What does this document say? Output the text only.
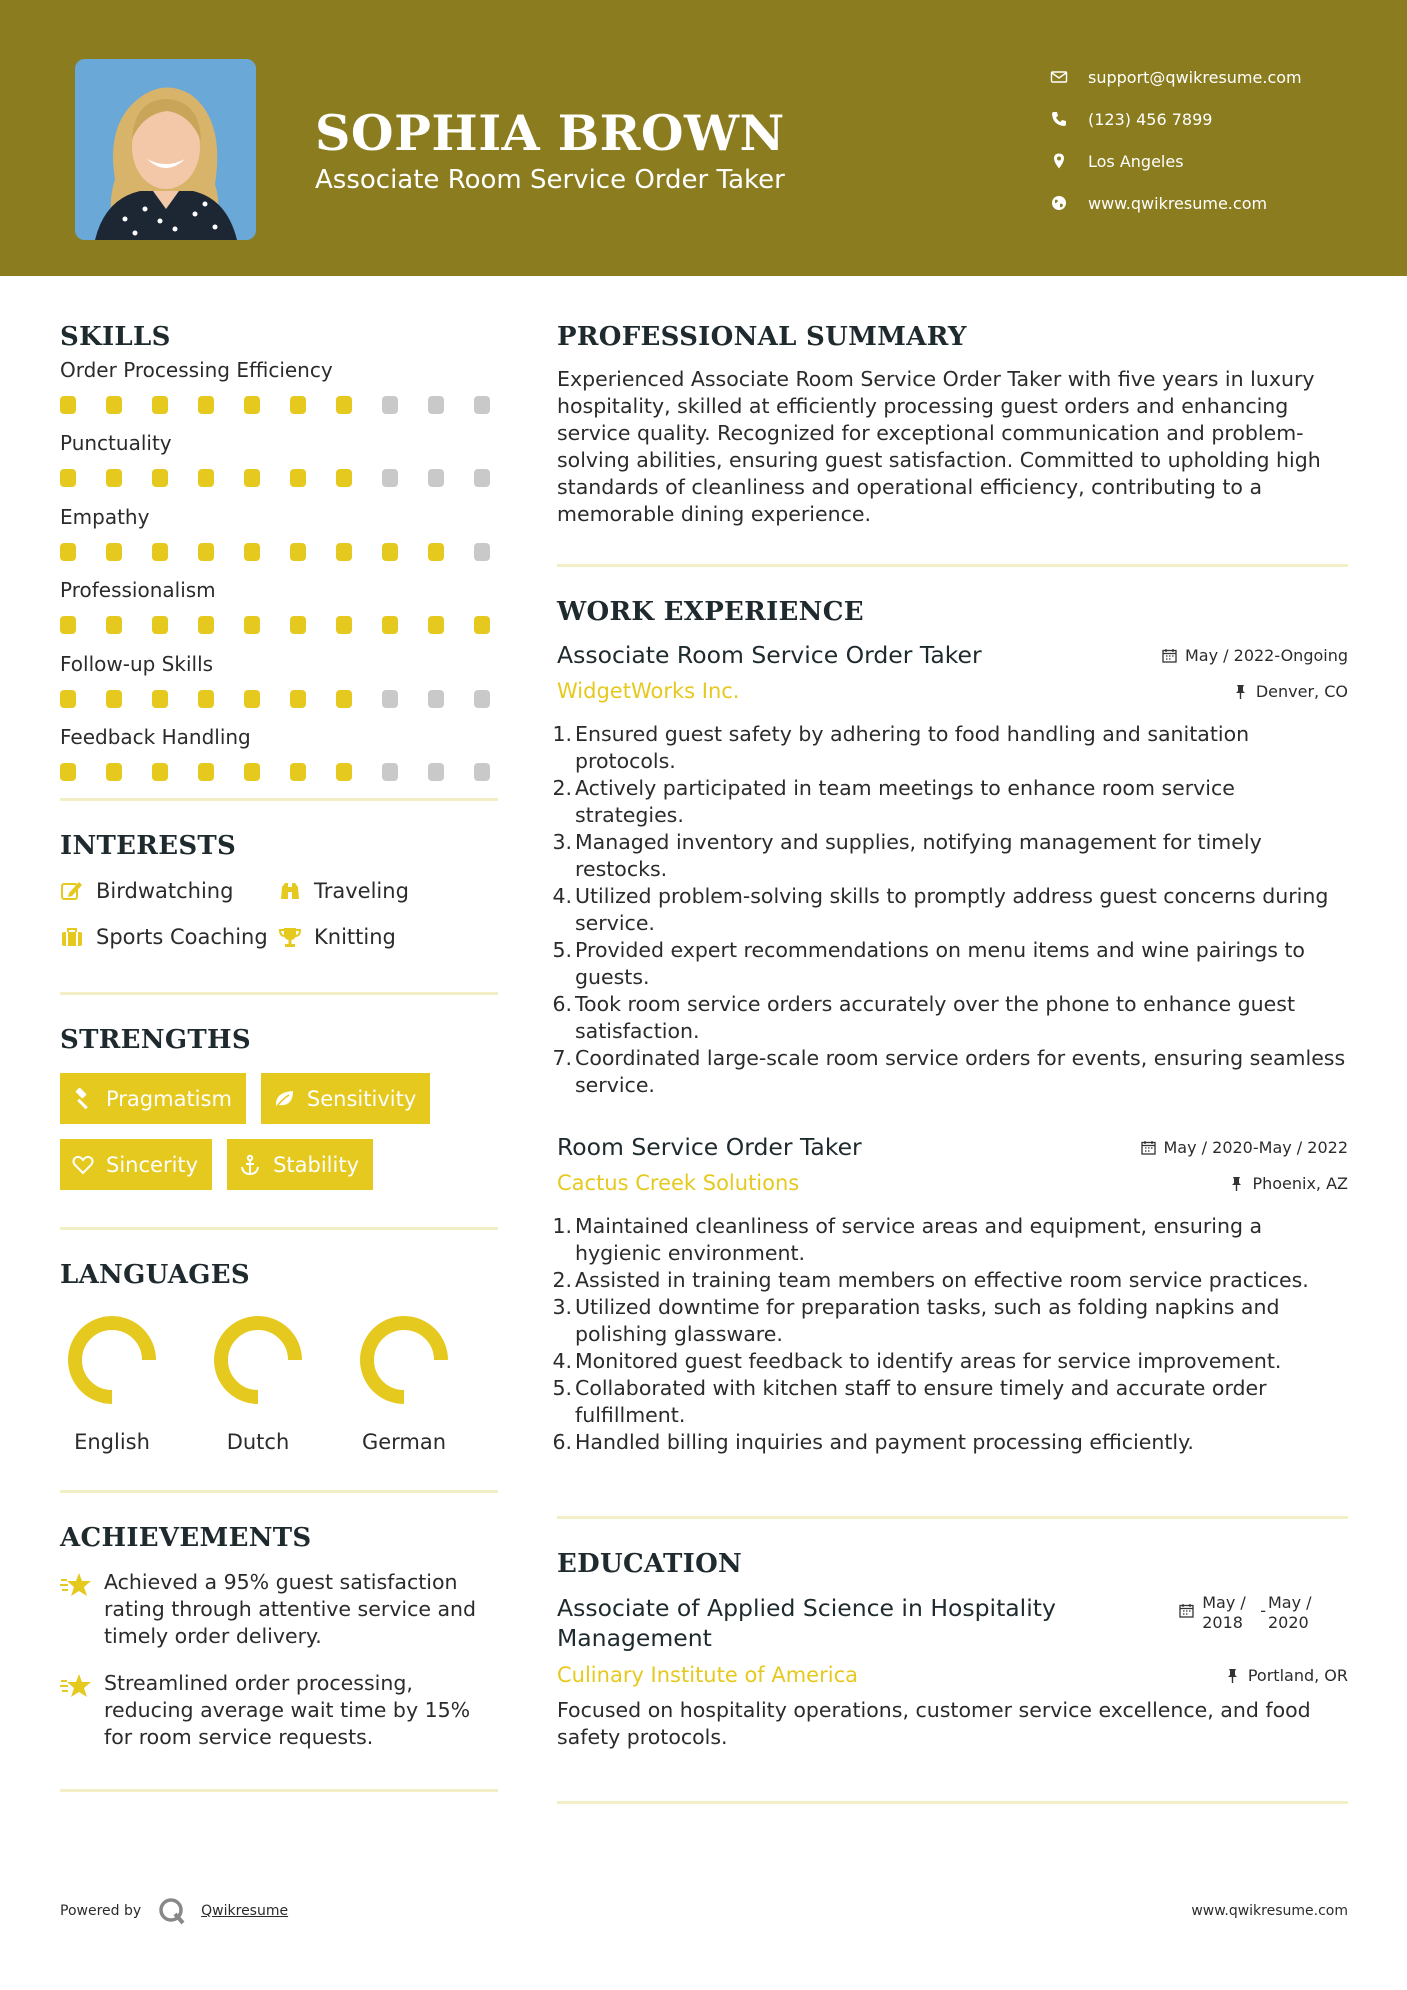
SOPHIA BROWN
Associate Room Service Order Taker
support@qwikresume.com
(123) 456 7899
Los Angeles
www.qwikresume.com
SKILLS
Order Processing Efficiency
Punctuality
Empathy
Professionalism
Follow-up Skills
Feedback Handling
INTERESTS
Birdwatching	Traveling
Sports Coaching Knitting
STRENGTHS
Pragmatism	Sensitivity
Sincerity	Stability
LANGUAGES
English	Dutch	German
ACHIEVEMENTS

Achieved a 95% guest satisfaction rating through attentive service and timely order delivery.

Streamlined order processing, reducing average wait time by 15% for room service requests.

PROFESSIONAL SUMMARY

Experienced Associate Room Service Order Taker with five years in luxury hospitality, skilled at efficiently processing guest orders and enhancing service quality. Recognized for exceptional communication and problem-solving abilities, ensuring guest satisfaction. Committed to upholding high standards of cleanliness and operational efficiency, contributing to a memorable dining experience.

WORK EXPERIENCE
Associate Room Service Order Taker	May / 2022-Ongoing
WidgetWorks Inc.	Denver, CO
1. Ensured guest safety by adhering to food handling and sanitation protocols.
2. Actively participated in team meetings to enhance room service strategies.
3. Managed inventory and supplies, notifying management for timely restocks.
4. Utilized problem-solving skills to promptly address guest concerns during service.
5. Provided expert recommendations on menu items and wine pairings to guests.
6. Took room service orders accurately over the phone to enhance guest satisfaction.
7. Coordinated large-scale room service orders for events, ensuring seamless service.
Room Service Order Taker	May / 2020-May / 2022
Cactus Creek Solutions	Phoenix, AZ
1. Maintained cleanliness of service areas and equipment, ensuring a hygienic environment.
2. Assisted in training team members on effective room service practices.
3. Utilized downtime for preparation tasks, such as folding napkins and polishing glassware.
4. Monitored guest feedback to identify areas for service improvement.
5. Collaborated with kitchen staff to ensure timely and accurate order fulfillment.
6. Handled billing inquiries and payment processing efficiently.
EDUCATION
Associate of Applied Science in Hospitality Management
May / 2018
- May / 2020
Culinary Institute of America	Portland, OR

Focused on hospitality operations, customer service excellence, and food safety protocols.

Powered by	Qwikresume	www.qwikresume.com
